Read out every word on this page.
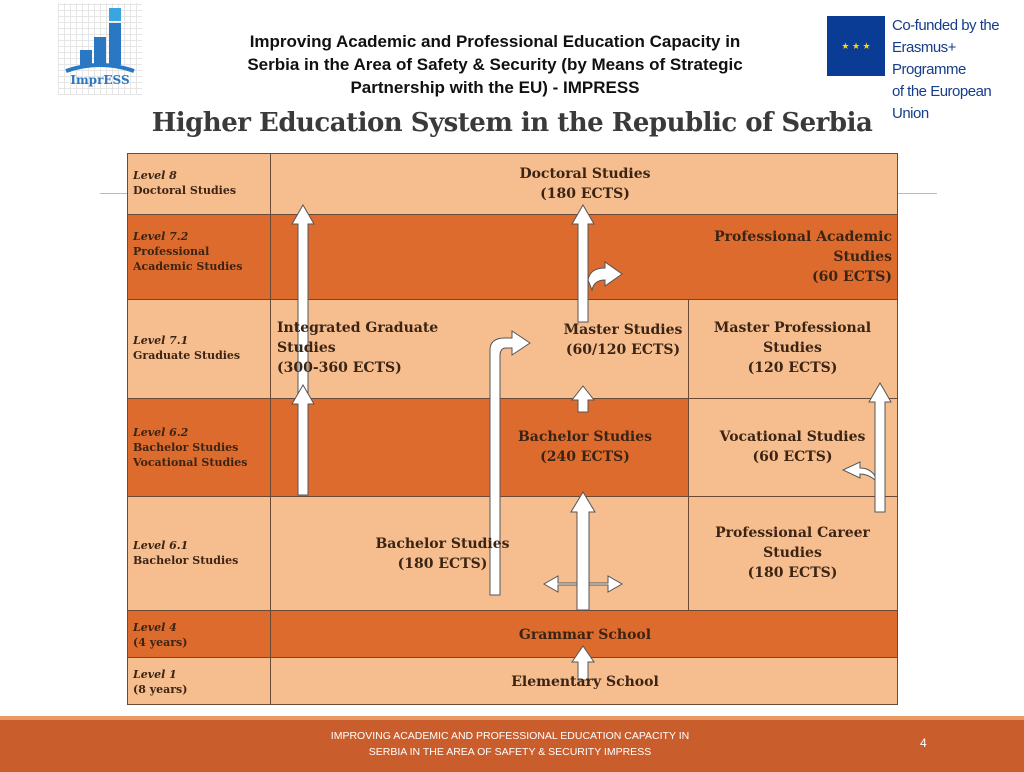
ImprESS
Improving Academic and Professional Education Capacity in
Serbia in the Area of Safety & Security (by Means of Strategic
Partnership with the EU) - IMPRESS
★ ★ ★
Co-funded by the
Erasmus+ Programme
of the European Union
Higher Education System in the Republic of Serbia
Level 8
Doctoral Studies
Level 7.2
Professional Academic Studies
Level 7.1
Graduate Studies
Level 6.2
Bachelor Studies Vocational Studies
Level 6.1
Bachelor Studies
Level 4
(4 years)
Level 1
(8 years)
Doctoral Studies
(180 ECTS)
Professional Academic
Studies
(60 ECTS)
Integrated Graduate
Studies
(300-360 ECTS)
Master Studies
(60/120 ECTS)
Master Professional
Studies
(120 ECTS)
Bachelor Studies
(240 ECTS)
Vocational Studies
(60 ECTS)
Bachelor Studies
(180 ECTS)
Professional Career
Studies
(180 ECTS)
Grammar School
Elementary School
IMPROVING ACADEMIC AND PROFESSIONAL EDUCATION CAPACITY IN
SERBIA IN THE AREA OF SAFETY & SECURITY IMPRESS
4
